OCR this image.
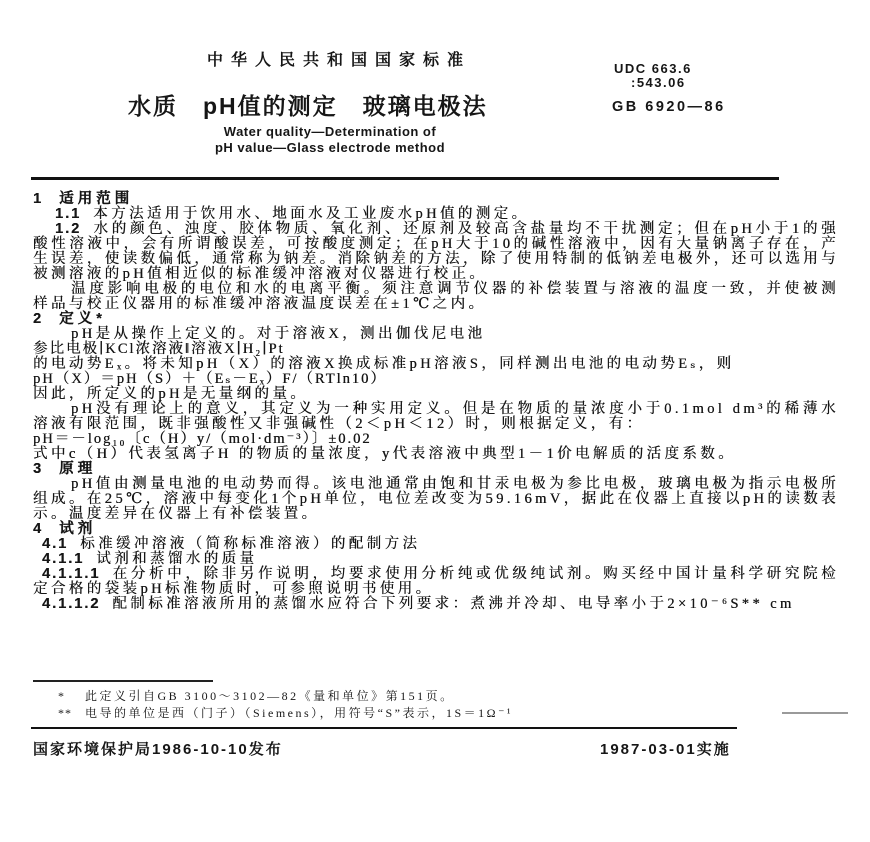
中华人民共和国国家标准	UDC 663.6
:543.06
水质　pH值的测定　玻璃电极法	GB 6920—86
Water quality—Determination of
pH value—Glass electrode method

1 适用范围

1.1 本方法适用于饮用水、地面水及工业废水pH值的测定。

1.2 水的颜色、浊度、胶体物质、氧化剂、还原剂及较高含盐量均不干扰测定；但在pH小于1的强酸性溶液中，会有所谓酸误差，可按酸度测定；在pH大于10的碱性溶液中，因有大量钠离子存在，产生误差，使读数偏低，通常称为钠差。消除钠差的方法，除了使用特制的低钠差电极外，还可以选用与被测溶液的pH值相近似的标准缓冲溶液对仪器进行校正。

温度影响电极的电位和水的电离平衡。须注意调节仪器的补偿装置与溶液的温度一致，并使被测样品与校正仪器用的标准缓冲溶液温度误差在±1℃之内。

2 定义*

pH是从操作上定义的。对于溶液X，测出伽伐尼电池

参比电极∣KCl浓溶液‖溶液X∣H₂∣Pt

的电动势Eₓ。将未知pH（X）的溶液X换成标准pH溶液S，同样测出电池的电动势Eₛ，则

pH（X）＝pH（S）＋（Eₛ－Eₓ）F/（RTln10）

因此，所定义的pH是无量纲的量。

pH没有理论上的意义，其定义为一种实用定义。但是在物质的量浓度小于0.1mol dm³的稀薄水溶液有限范围，既非强酸性又非强碱性（2＜pH＜12）时，则根据定义，有：

pH＝－log₁₀〔c（H）y/（mol·dm⁻³）〕±0.02

式中c（H）代表氢离子H 的物质的量浓度，y代表溶液中典型1－1价电解质的活度系数。

3 原理

pH值由测量电池的电动势而得。该电池通常由饱和甘汞电极为参比电极，玻璃电极为指示电极所组成。在25℃，溶液中每变化1个pH单位，电位差改变为59.16mV，据此在仪器上直接以pH的读数表示。温度差异在仪器上有补偿装置。

4 试剂

4.1 标准缓冲溶液（简称标准溶液）的配制方法

4.1.1 试剂和蒸馏水的质量

4.1.1.1 在分析中，除非另作说明，均要求使用分析纯或优级纯试剂。购买经中国计量科学研究院检定合格的袋装pH标准物质时，可参照说明书使用。

4.1.1.2 配制标准溶液所用的蒸馏水应符合下列要求：煮沸并冷却、电导率小于2×10⁻⁶S** cm

* 此定义引自GB 3100～3102—82《量和单位》第151页。

** 电导的单位是西（门子）（Siemens），用符号“S”表示，1S＝1Ω⁻¹

国家环境保护局1986-10-10发布	1987-03-01实施
